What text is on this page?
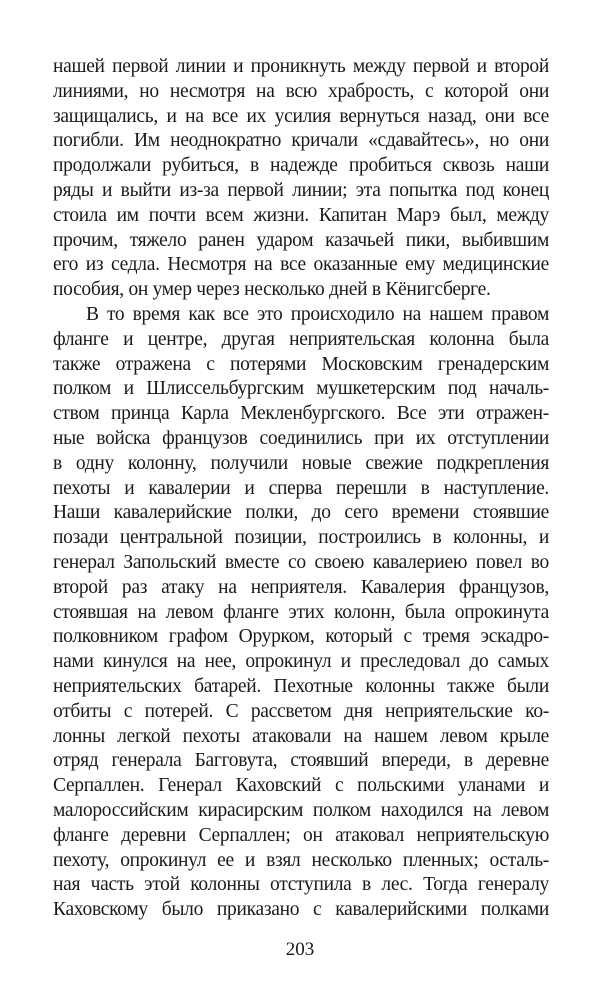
нашей первой линии и проникнуть между первой и второй
линиями, но несмотря на всю храбрость, с которой они
защищались, и на все их усилия вернуться назад, они все
погибли. Им неоднократно кричали «сдавайтесь», но они
продолжали рубиться, в надежде пробиться сквозь наши
ряды и выйти из-за первой линии; эта попытка под конец
стоила им почти всем жизни. Капитан Марэ был, между
прочим, тяжело ранен ударом казачьей пики, выбившим
его из седла. Несмотря на все оказанные ему медицинские
пособия, он умер через несколько дней в Кёнигсберге.
В то время как все это происходило на нашем правом
фланге и центре, другая неприятельская колонна была
также отражена с потерями Московским гренадерским
полком и Шлиссельбургским мушкетерским под началь-
ством принца Карла Мекленбургского. Все эти отражен-
ные войска французов соединились при их отступлении
в одну колонну, получили новые свежие подкрепления
пехоты и кавалерии и сперва перешли в наступление.
Наши кавалерийские полки, до сего времени стоявшие
позади центральной позиции, построились в колонны, и
генерал Запольский вместе со своею кавалериею повел во
второй раз атаку на неприятеля. Кавалерия французов,
стоявшая на левом фланге этих колонн, была опрокинута
полковником графом Орурком, который с тремя эскадро-
нами кинулся на нее, опрокинул и преследовал до самых
неприятельских батарей. Пехотные колонны также были
отбиты с потерей. С рассветом дня неприятельские ко-
лонны легкой пехоты атаковали на нашем левом крыле
отряд генерала Багговута, стоявший впереди, в деревне
Серпаллен. Генерал Каховский с польскими уланами и
малороссийским кирасирским полком находился на левом
фланге деревни Серпаллен; он атаковал неприятельскую
пехоту, опрокинул ее и взял несколько пленных; осталь-
ная часть этой колонны отступила в лес. Тогда генералу
Каховскому было приказано с кавалерийскими полками
203
